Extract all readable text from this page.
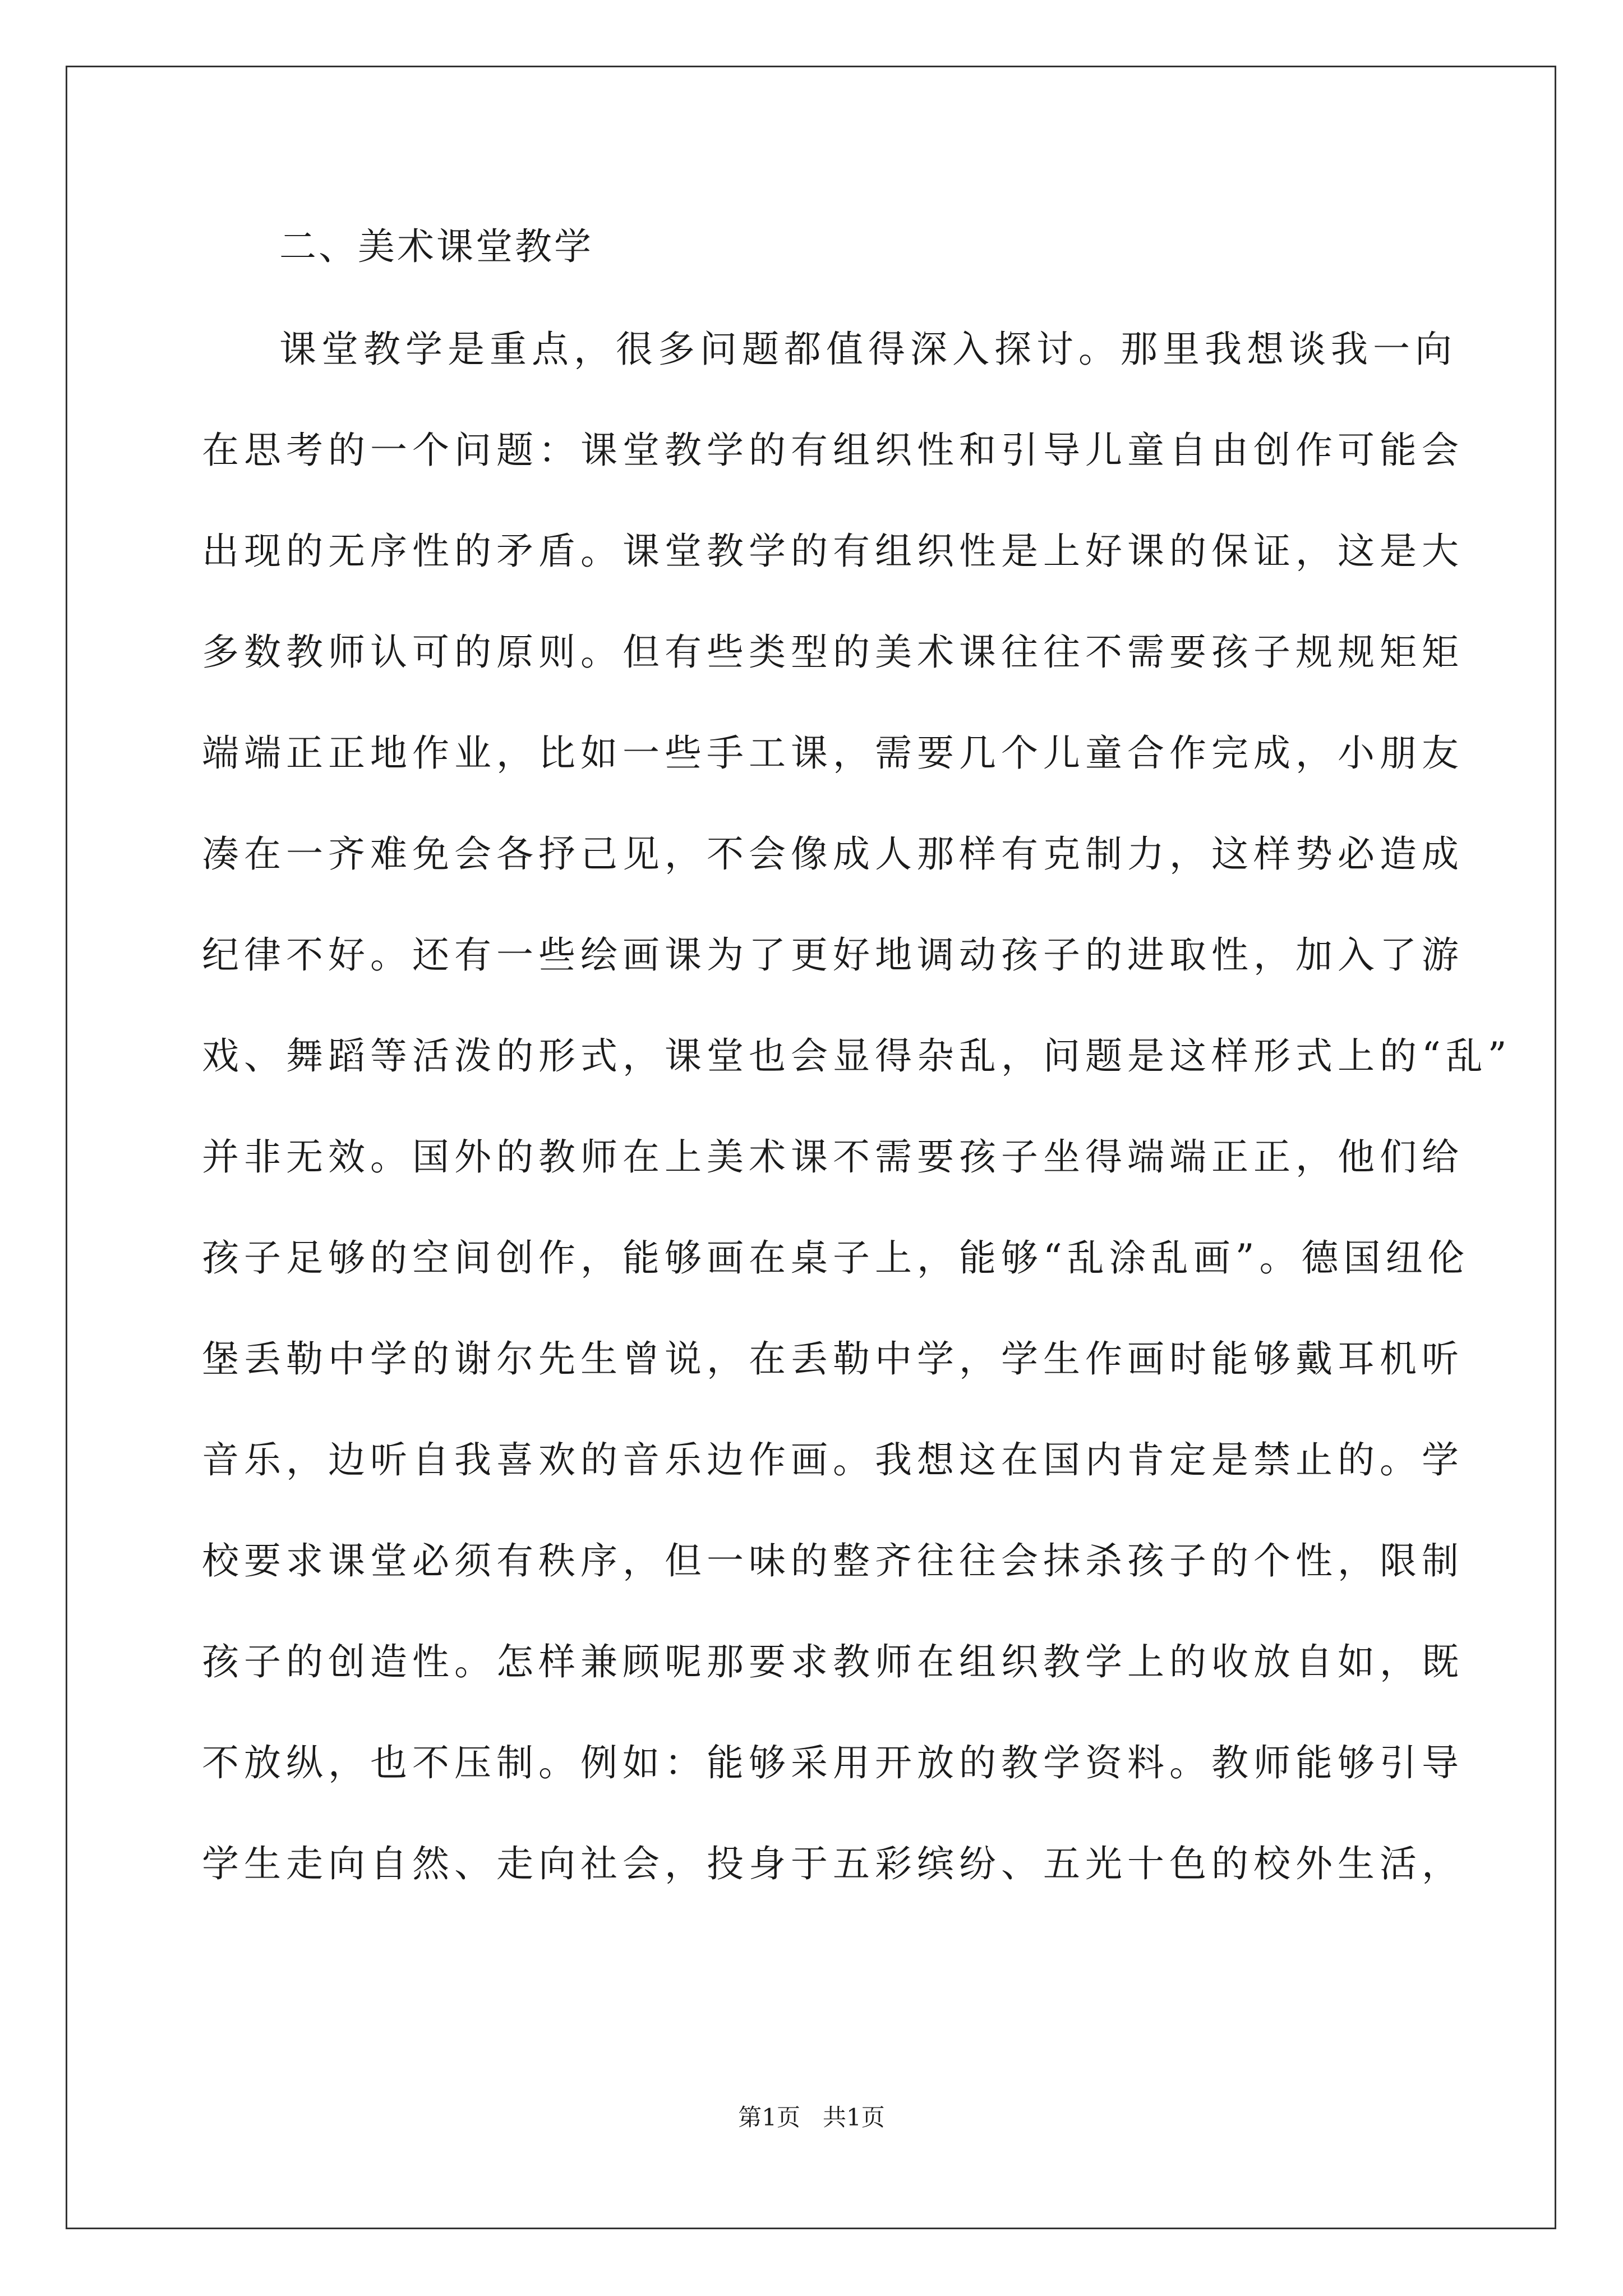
二、美术课堂教学
课堂教学是重点，很多问题都值得深入探讨。那里我想谈我一向
在思考的一个问题：课堂教学的有组织性和引导儿童自由创作可能会
出现的无序性的矛盾。课堂教学的有组织性是上好课的保证，这是大
多数教师认可的原则。但有些类型的美术课往往不需要孩子规规矩矩
端端正正地作业，比如一些手工课，需要几个儿童合作完成，小朋友
凑在一齐难免会各抒己见，不会像成人那样有克制力，这样势必造成
纪律不好。还有一些绘画课为了更好地调动孩子的进取性，加入了游
戏、舞蹈等活泼的形式，课堂也会显得杂乱，问题是这样形式上的“乱”
并非无效。国外的教师在上美术课不需要孩子坐得端端正正，他们给
孩子足够的空间创作，能够画在桌子上，能够“乱涂乱画”。德国纽伦
堡丢勒中学的谢尔先生曾说，在丢勒中学，学生作画时能够戴耳机听
音乐，边听自我喜欢的音乐边作画。我想这在国内肯定是禁止的。学
校要求课堂必须有秩序，但一味的整齐往往会抹杀孩子的个性，限制
孩子的创造性。怎样兼顾呢那要求教师在组织教学上的收放自如，既
不放纵，也不压制。例如：能够采用开放的教学资料。教师能够引导
学生走向自然、走向社会，投身于五彩缤纷、五光十色的校外生活，
第1页 共1页
